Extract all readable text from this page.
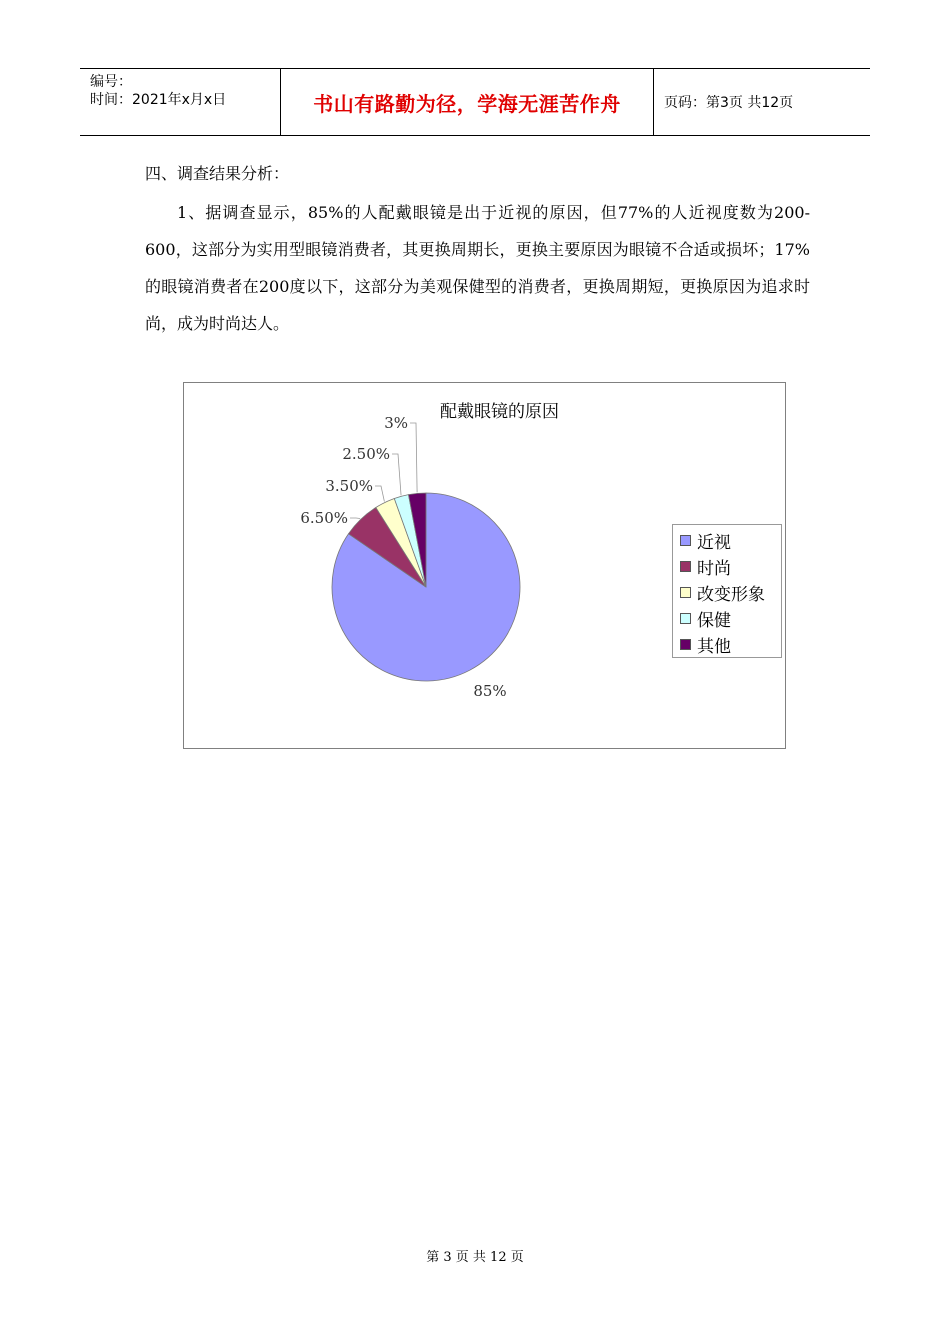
编号：
时间：2021年x月x日	书山有路勤为径，学海无涯苦作舟	页码：第3页 共12页
四、调查结果分析：
1、据调查显示，85%的人配戴眼镜是出于近视的原因，但77%的人近视度数为200-600，这部分为实用型眼镜消费者，其更换周期长，更换主要原因为眼镜不合适或损坏；17%的眼镜消费者在200度以下，这部分为美观保健型的消费者，更换周期短，更换原因为追求时尚，成为时尚达人。
配戴眼镜的原因
85%
6.50%
3.50%
2.50%
3%
近视
时尚
改变形象
保健
其他
第 3 页 共 12 页
